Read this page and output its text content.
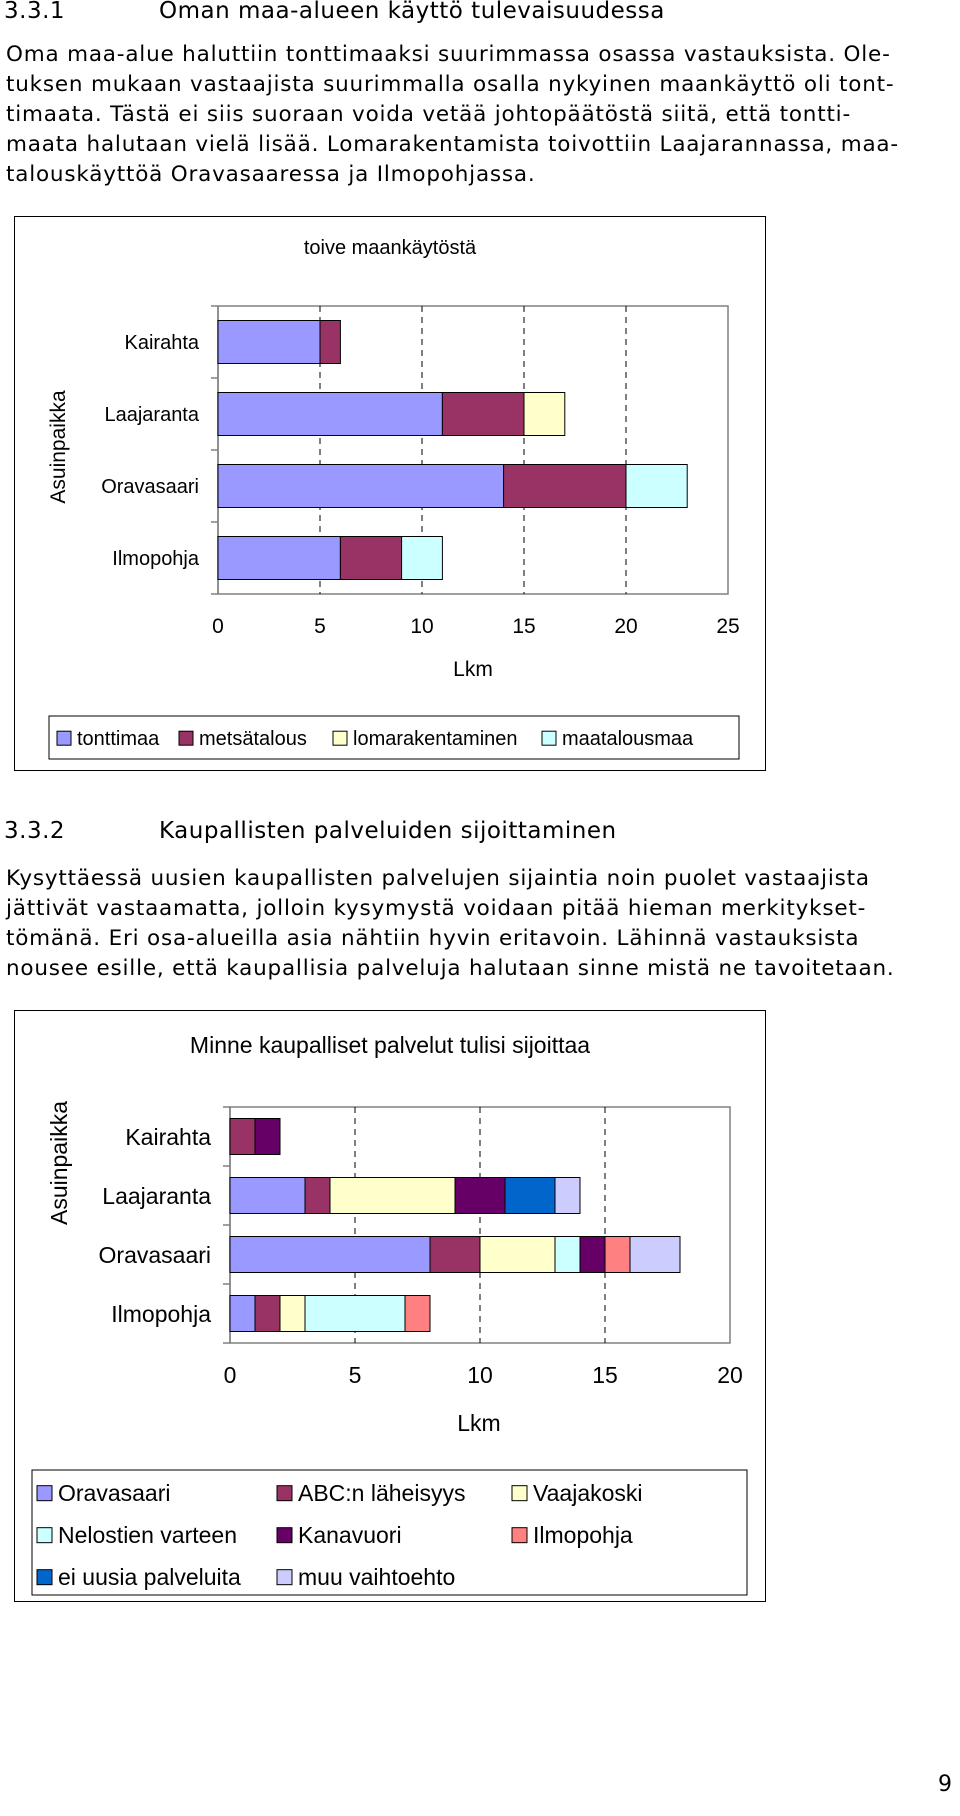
3.3.1	Oman maa-alueen käyttö tulevaisuudessa
Oma maa-alue haluttiin tonttimaaksi suurimmassa osassa vastauksista. Ole-
tuksen mukaan vastaajista suurimmalla osalla nykyinen maankäyttö oli tont-
timaata. Tästä ei siis suoraan voida vetää johtopäätöstä siitä, että tontti-
maata halutaan vielä lisää. Lomarakentamista toivottiin Laajarannassa, maa-
talouskäyttöä Oravasaaressa ja Ilmopohjassa.
toive maankäytöstä
Kairahta
Laajaranta
Oravasaari
Ilmopohja
0	5	10	15	20	25
Lkm
Asuinpaikka
tonttimaa metsätalous lomarakentaminen maatalousmaa
3.3.2	Kaupallisten palveluiden sijoittaminen
Kysyttäessä uusien kaupallisten palvelujen sijaintia noin puolet vastaajista
jättivät vastaamatta, jolloin kysymystä voidaan pitää hieman merkitykset-
tömänä. Eri osa-alueilla asia nähtiin hyvin eritavoin. Lähinnä vastauksista
nousee esille, että kaupallisia palveluja halutaan sinne mistä ne tavoitetaan.
Minne kaupalliset palvelut tulisi sijoittaa
Kairahta
Laajaranta
Oravasaari
Ilmopohja
0	5	10	15	20
Lkm
Asuinpaikka
Oravasaari	ABC:n läheisyys	Vaajakoski
Nelostien varteen	Kanavuori	Ilmopohja
ei uusia palveluita muu vaihtoehto
9
